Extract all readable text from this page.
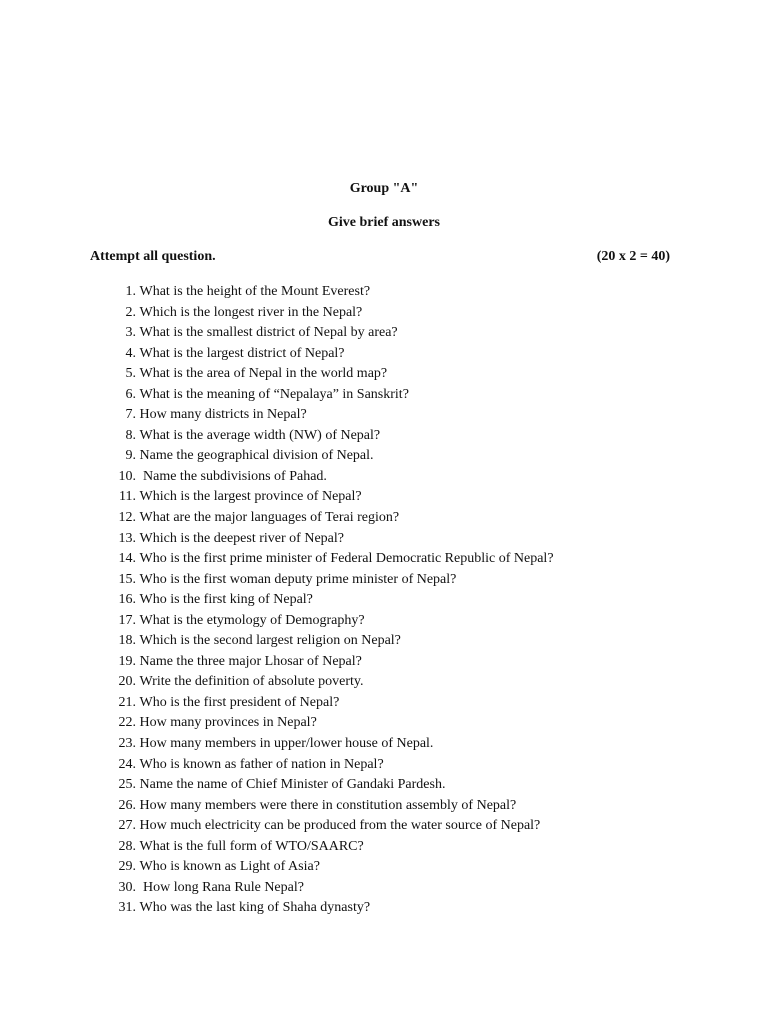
Group "A"
Give brief answers
Attempt all question.	(20 x 2 = 40)
1. What is the height of the Mount Everest?
2. Which is the longest river in the Nepal?
3. What is the smallest district of Nepal by area?
4. What is the largest district of Nepal?
5. What is the area of Nepal in the world map?
6. What is the meaning of “Nepalaya” in Sanskrit?
7. How many districts in Nepal?
8. What is the average width (NW) of Nepal?
9. Name the geographical division of Nepal.
10. Name the subdivisions of Pahad.
11. Which is the largest province of Nepal?
12. What are the major languages of Terai region?
13. Which is the deepest river of Nepal?
14. Who is the first prime minister of Federal Democratic Republic of Nepal?
15. Who is the first woman deputy prime minister of Nepal?
16. Who is the first king of Nepal?
17. What is the etymology of Demography?
18. Which is the second largest religion on Nepal?
19. Name the three major Lhosar of Nepal?
20. Write the definition of absolute poverty.
21. Who is the first president of Nepal?
22. How many provinces in Nepal?
23. How many members in upper/lower house of Nepal.
24. Who is known as father of nation in Nepal?
25. Name the name of Chief Minister of Gandaki Pardesh.
26. How many members were there in constitution assembly of Nepal?
27. How much electricity can be produced from the water source of Nepal?
28. What is the full form of WTO/SAARC?
29. Who is known as Light of Asia?
30. How long Rana Rule Nepal?
31. Who was the last king of Shaha dynasty?
